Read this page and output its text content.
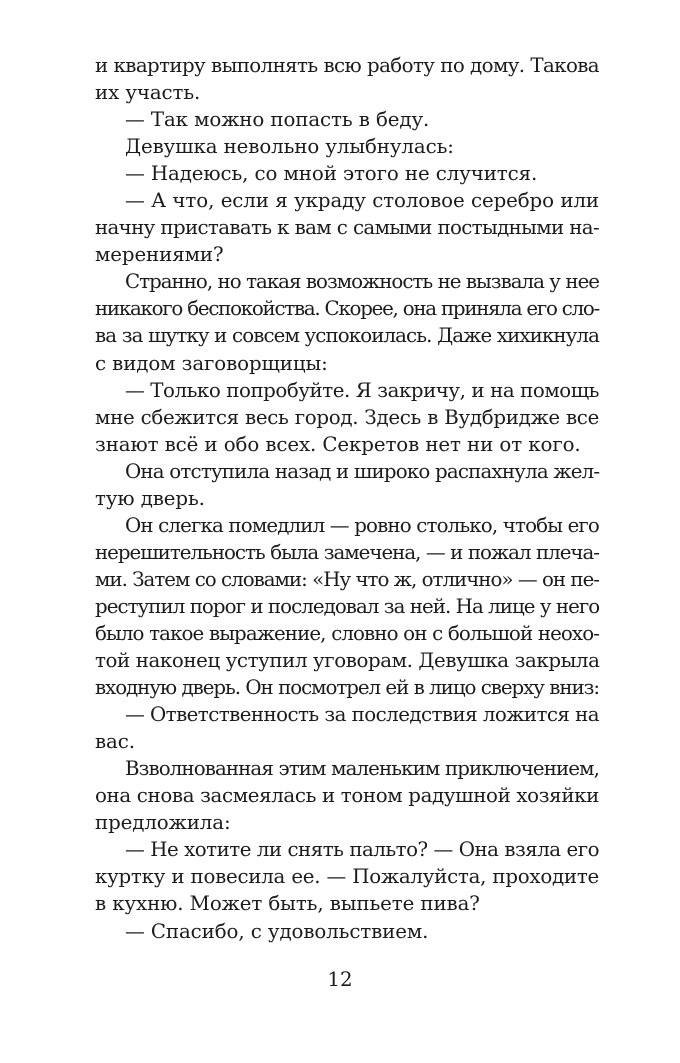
и квартиру выполнять всю работу по дому. Такова
их участь.
— Так можно попасть в беду.
Девушка невольно улыбнулась:
— Надеюсь, со мной этого не случится.
— А что, если я украду столовое серебро или
начну приставать к вам с самыми постыдными на-
мерениями?
Странно, но такая возможность не вызвала у нее
никакого беспокойства. Скорее, она приняла его сло-
ва за шутку и совсем успокоилась. Даже хихикнула
с видом заговорщицы:
— Только попробуйте. Я закричу, и на помощь
мне сбежится весь город. Здесь в Вудбридже все
знают всё и обо всех. Секретов нет ни от кого.
Она отступила назад и широко распахнула жел-
тую дверь.
Он слегка помедлил — ровно столько, чтобы его
нерешительность была замечена, — и пожал плеча-
ми. Затем со словами: «Ну что ж, отлично» — он пе-
реступил порог и последовал за ней. На лице у него
было такое выражение, словно он с большой неохо-
той наконец уступил уговорам. Девушка закрыла
входную дверь. Он посмотрел ей в лицо сверху вниз:
— Ответственность за последствия ложится на
вас.
Взволнованная этим маленьким приключением,
она снова засмеялась и тоном радушной хозяйки
предложила:
— Не хотите ли снять пальто? — Она взяла его
куртку и повесила ее. — Пожалуйста, проходите
в кухню. Может быть, выпьете пива?
— Спасибо, с удовольствием.
12
